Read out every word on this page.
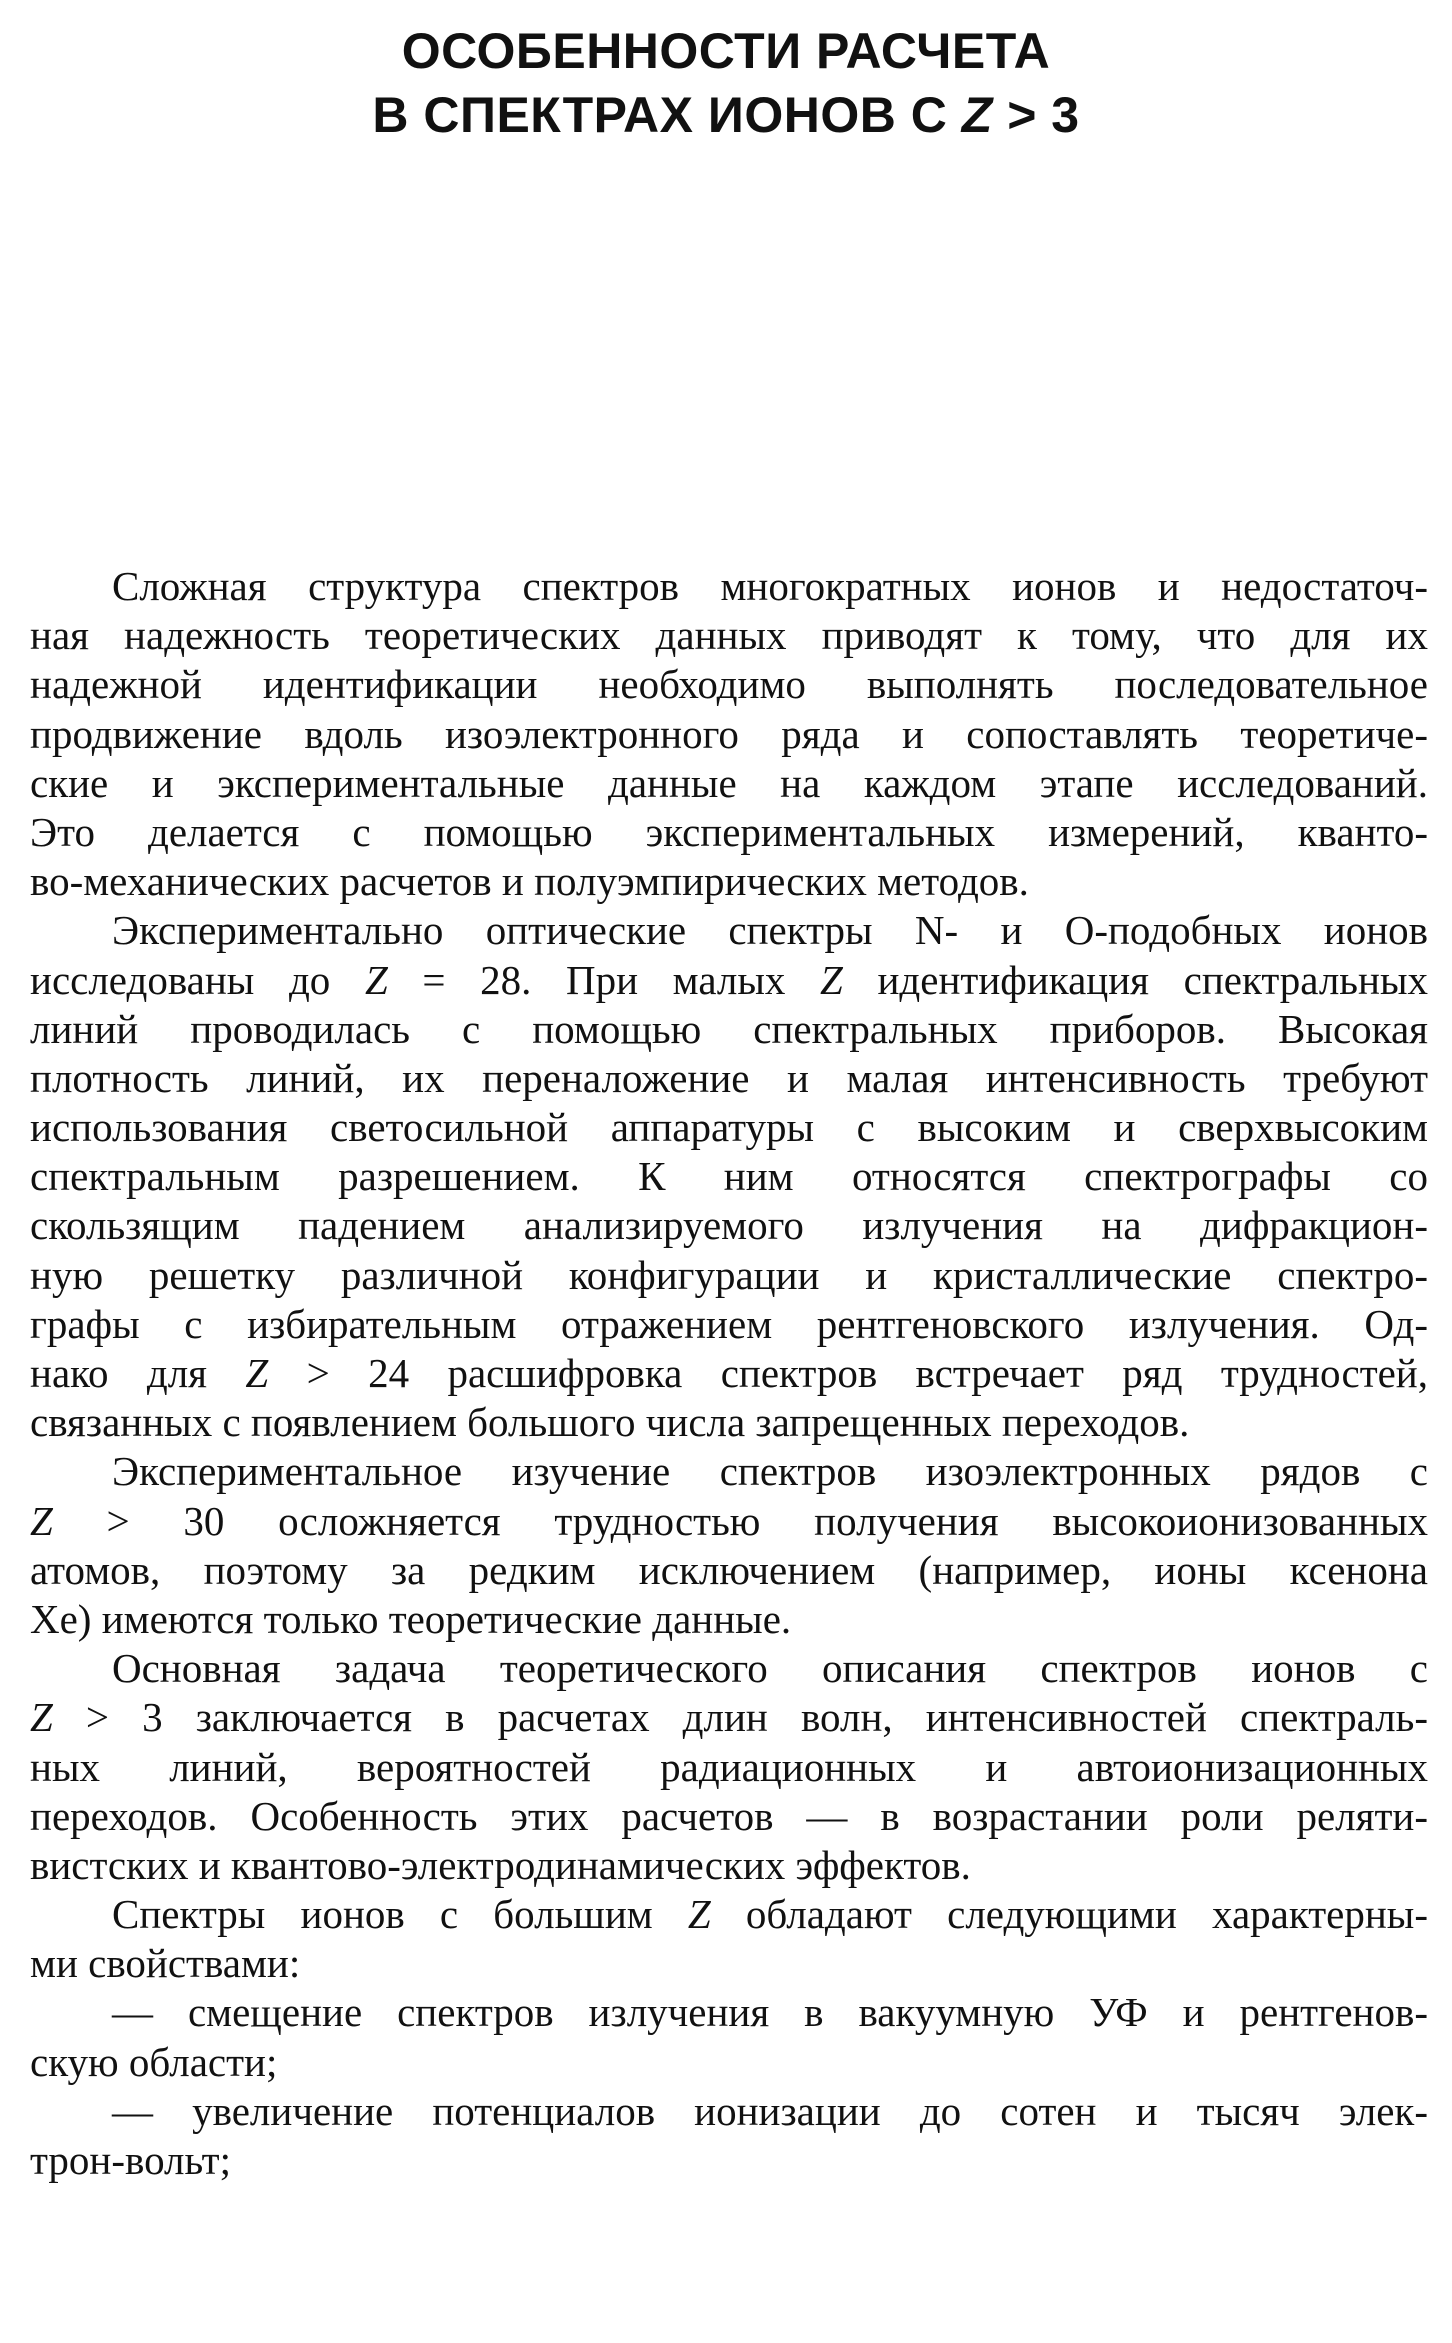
ОСОБЕННОСТИ РАСЧЕТА
В СПЕКТРАХ ИОНОВ С Z > 3
Сложная структура спектров многократных ионов и недостаточ-
ная надежность теоретических данных приводят к тому, что для их
надежной идентификации необходимо выполнять последовательное
продвижение вдоль изоэлектронного ряда и сопоставлять теоретиче-
ские и экспериментальные данные на каждом этапе исследований.
Это делается с помощью экспериментальных измерений, кванто-
во-механических расчетов и полуэмпирических методов.
Экспериментально оптические спектры N- и O-подобных ионов
исследованы до Z = 28. При малых Z идентификация спектральных
линий проводилась с помощью спектральных приборов. Высокая
плотность линий, их переналожение и малая интенсивность требуют
использования светосильной аппаратуры с высоким и сверхвысоким
спектральным разрешением. К ним относятся спектрографы со
скользящим падением анализируемого излучения на дифракцион-
ную решетку различной конфигурации и кристаллические спектро-
графы с избирательным отражением рентгеновского излучения. Од-
нако для Z > 24 расшифровка спектров встречает ряд трудностей,
связанных с появлением большого числа запрещенных переходов.
Экспериментальное изучение спектров изоэлектронных рядов с
Z > 30 осложняется трудностью получения высокоионизованных
атомов, поэтому за редким исключением (например, ионы ксенона
Xe) имеются только теоретические данные.
Основная задача теоретического описания спектров ионов с
Z > 3 заключается в расчетах длин волн, интенсивностей спектраль-
ных линий, вероятностей радиационных и автоионизационных
переходов. Особенность этих расчетов — в возрастании роли реляти-
вистских и квантово-электродинамических эффектов.
Спектры ионов с большим Z обладают следующими характерны-
ми свойствами:
— смещение спектров излучения в вакуумную УФ и рентгенов-
скую области;
— увеличение потенциалов ионизации до сотен и тысяч элек-
трон-вольт;
